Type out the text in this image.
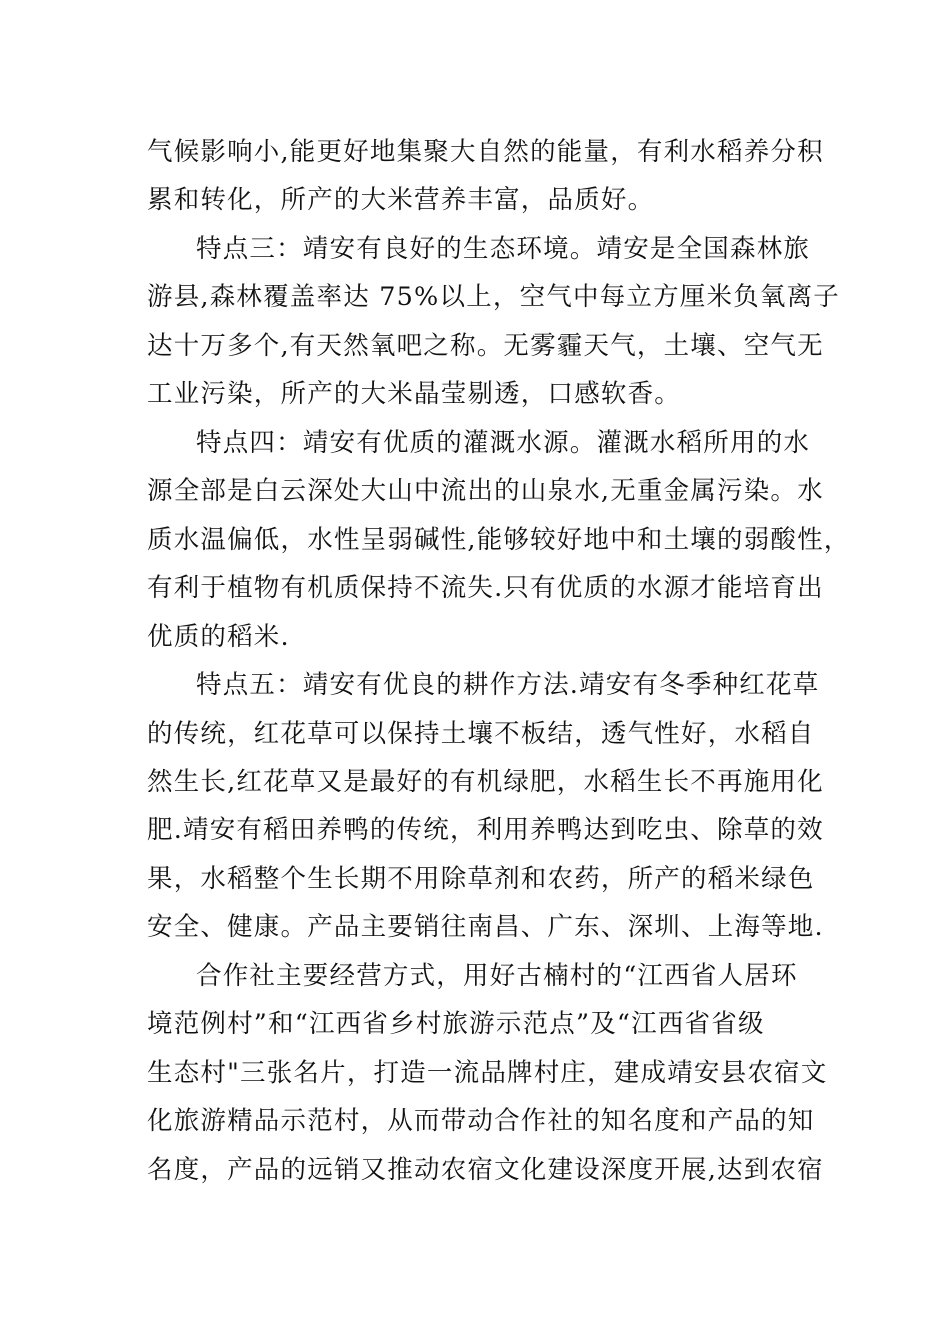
气候影响小,能更好地集聚大自然的能量，有利水稻养分积
累和转化，所产的大米营养丰富，品质好。
特点三：靖安有良好的生态环境。靖安是全国森林旅
游县,森林覆盖率达 75%以上，空气中每立方厘米负氧离子
达十万多个,有天然氧吧之称。无雾霾天气，土壤、空气无
工业污染，所产的大米晶莹剔透，口感软香。
特点四：靖安有优质的灌溉水源。灌溉水稻所用的水
源全部是白云深处大山中流出的山泉水,无重金属污染。水
质水温偏低，水性呈弱碱性,能够较好地中和土壤的弱酸性，
有利于植物有机质保持不流失.只有优质的水源才能培育出
优质的稻米.
特点五：靖安有优良的耕作方法.靖安有冬季种红花草
的传统，红花草可以保持土壤不板结，透气性好，水稻自
然生长,红花草又是最好的有机绿肥，水稻生长不再施用化
肥.靖安有稻田养鸭的传统，利用养鸭达到吃虫、除草的效
果，水稻整个生长期不用除草剂和农药，所产的稻米绿色
安全、健康。产品主要销往南昌、广东、深圳、上海等地.
合作社主要经营方式，用好古楠村的“江西省人居环
境范例村”和“江西省乡村旅游示范点”及“江西省省级
生态村"三张名片，打造一流品牌村庄，建成靖安县农宿文
化旅游精品示范村，从而带动合作社的知名度和产品的知
名度，产品的远销又推动农宿文化建设深度开展,达到农宿
